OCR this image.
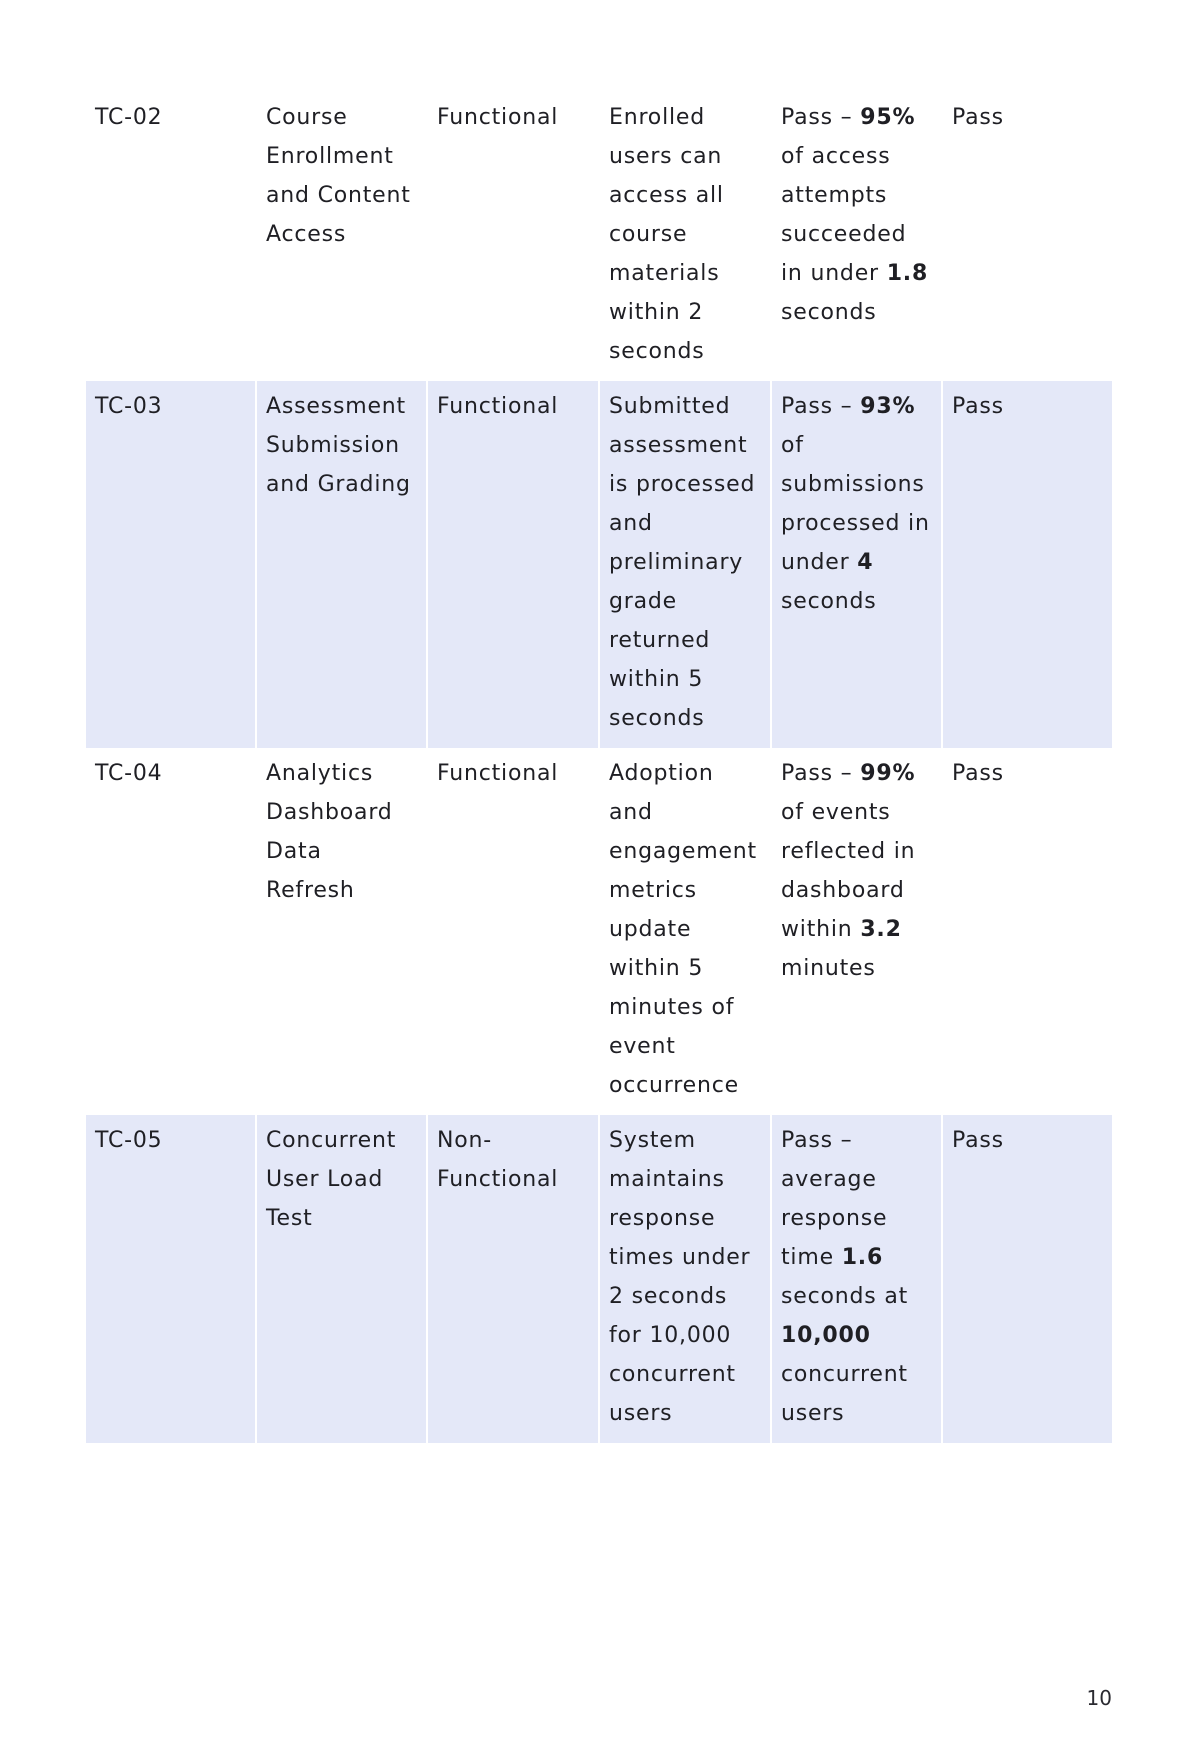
TC-02	Course Enrollment and Content Access	Functional	Enrolled users can access all course materials within 2 seconds	Pass – 95% of access attempts succeeded in under 1.8 seconds	Pass
TC-03	Assessment Submission and Grading	Functional	Submitted assessment is processed and preliminary grade returned within 5 seconds	Pass – 93% of submissions processed in under 4 seconds	Pass
TC-04	Analytics Dashboard Data Refresh	Functional	Adoption and engagement metrics update within 5 minutes of event occurrence	Pass – 99% of events reflected in dashboard within 3.2 minutes	Pass
TC-05	Concurrent User Load Test	Non-Functional	System maintains response times under 2 seconds for 10,000 concurrent users	Pass – average response time 1.6 seconds at 10,000 concurrent users	Pass
10
